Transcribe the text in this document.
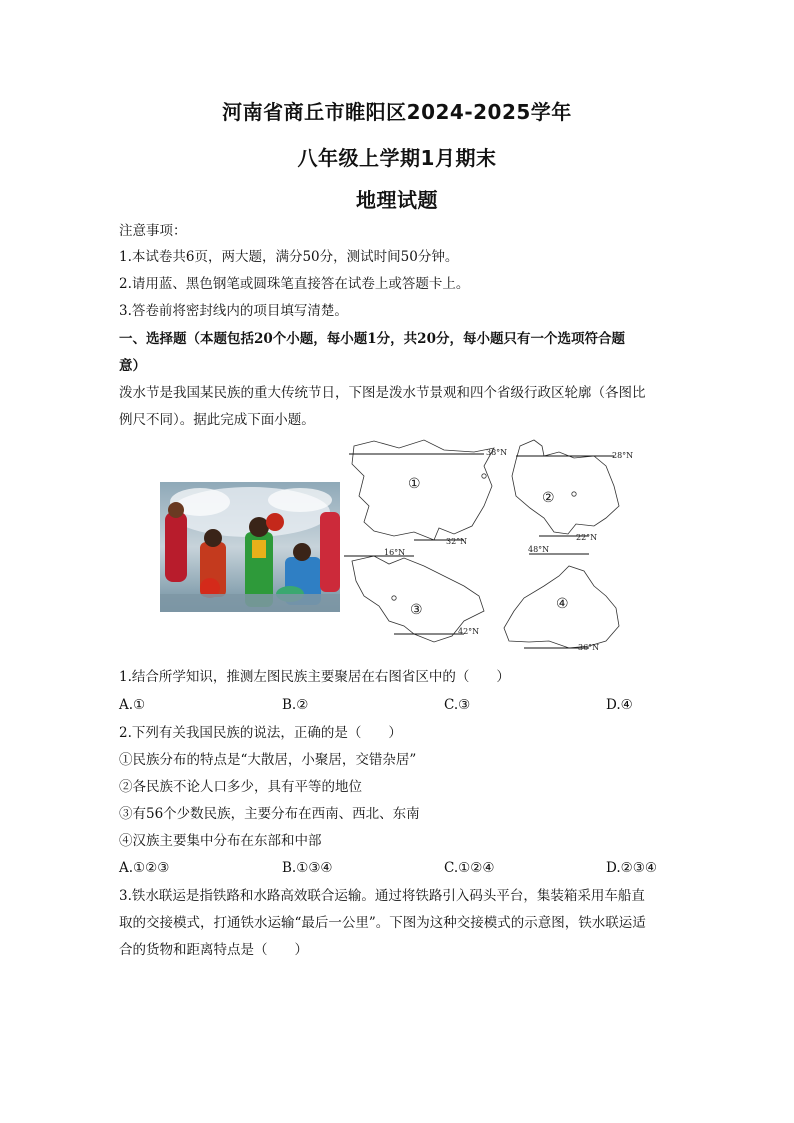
河南省商丘市睢阳区2024-2025学年
八年级上学期1月期末
地理试题
注意事项：
1.本试卷共6页，两大题，满分50分，测试时间50分钟。
2.请用蓝、黑色钢笔或圆珠笔直接答在试卷上或答题卡上。
3.答卷前将密封线内的项目填写清楚。
一、选择题（本题包括20个小题，每小题1分，共20分，每小题只有一个选项符合题
意）
泼水节是我国某民族的重大传统节日，下图是泼水节景观和四个省级行政区轮廓（各图比
例尺不同）。据此完成下面小题。
①
38°N
32°N
②
28°N
22°N
③
16°N
42°N
④
48°N
36°N
1.结合所学知识，推测左图民族主要聚居在右图省区中的（　　）
A.①	B.②	C.③	D.④
2.下列有关我国民族的说法，正确的是（　　）
①民族分布的特点是“大散居，小聚居，交错杂居”
②各民族不论人口多少，具有平等的地位
③有56个少数民族，主要分布在西南、西北、东南
④汉族主要集中分布在东部和中部
A.①②③	B.①③④	C.①②④	D.②③④
3.铁水联运是指铁路和水路高效联合运输。通过将铁路引入码头平台，集装箱采用车船直
取的交接模式，打通铁水运输“最后一公里”。下图为这种交接模式的示意图，铁水联运适
合的货物和距离特点是（　　）
